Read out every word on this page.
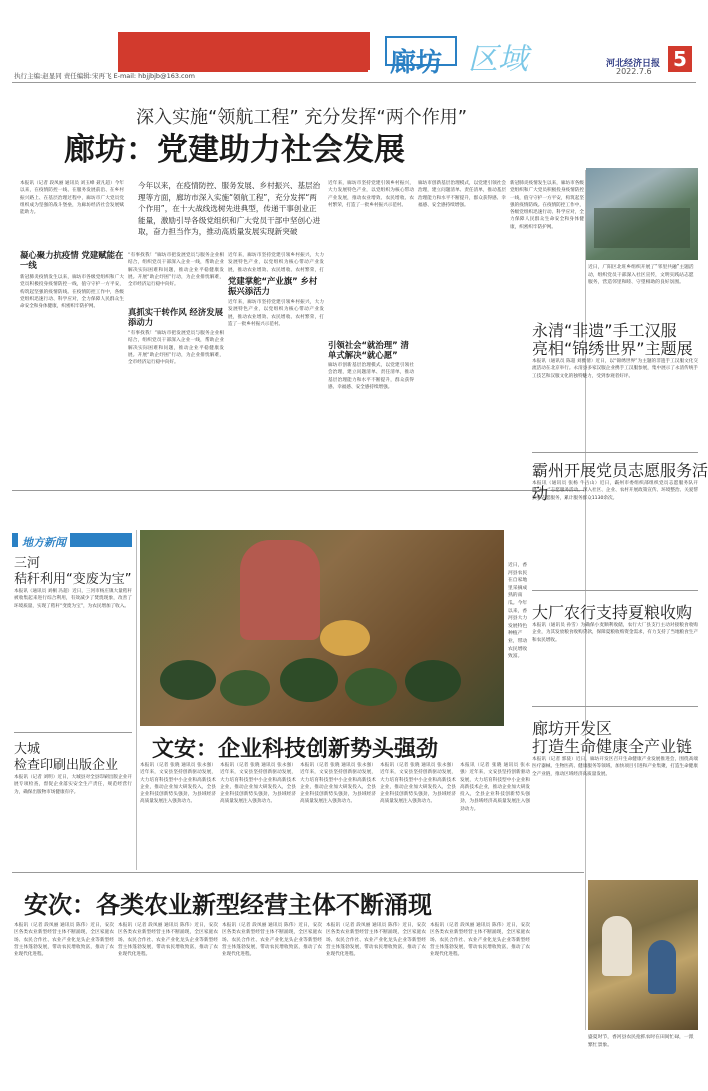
廊坊 区域	河北经济日报
2022.7.6
5
执行主编:赵显同 责任编辑:宋再飞 E-mail: hbjjbjb@163.com
深入实施“领航工程” 充分发挥“两个作用”
廊坊：党建助力社会发展
本报讯（记者 段凤丽 通讯员 刘玉峰 聂凡超）今年以来，在疫情防控一线、在服务发展前沿、在乡村振兴路上、在基层治理过程中，廊坊市广大党员党组织成为坚强的战斗堡垒，为廊坊经济社会发展赋能助力。
今年以来，在疫情防控、服务发展、乡村振兴、基层治理等方面，廊坊市深入实施“领航工程”，充分发挥“两个作用”，在十大战线选树先进典型，传递干事创业正能量，激励引导各级党组织和广大党员干部中坚创心进取，奋力担当作为，推动高质量发展实现新突破
凝心聚力抗疫情 党建赋能在一线
新冠肺炎疫情发生以来，廊坊市各级党组织和广大党员积极投身疫情防控一线，值守守护一方平安，构筑起坚强的疫情防线。在疫情防控工作中，各级党组织迅速行动、科学应对，全力保障人民群众生命安全和身体健康，织密织牢防护网。
“有事找我！”廊坊市把发展党员与服务企业相结合，组织党员干部深入企业一线，帮助企业解决实际困难和问题，推动企业平稳健康发展。开展“助企纾困”行动，为企业排忧解难，全市经济运行稳中向好。
真抓实干转作风 经济发展添动力
“有事找我！”廊坊市把发展党员与服务企业相结合，组织党员干部深入企业一线，帮助企业解决实际困难和问题，推动企业平稳健康发展。开展“助企纾困”行动，为企业排忧解难，全市经济运行稳中向好。
近年来，廊坊市坚持党建引领乡村振兴，大力发展特色产业，以党组织为核心带动产业发展，推动农业增效、农民增收、农村繁荣，打
党建掌舵“产业旗” 乡村振兴添活力
近年来，廊坊市坚持党建引领乡村振兴，大力发展特色产业，以党组织为核心带动产业发展，推动农业增效、农民增收、农村繁荣，打造了一批乡村振兴示范村。
近年来，廊坊市坚持党建引领乡村振兴，大力发展特色产业，以党组织为核心带动产业发展，推动农业增效、农民增收、农村繁荣，打造了一批乡村振兴示范村。
引领社会“就治理” 清单式解决“就心愿”
廊坊市创新基层治理模式，以党建引领社会治理，建立问题清单、责任清单，推动基层治理能力和水平不断提升，群众获得感、幸福感、安全感持续增强。
廊坊市创新基层治理模式，以党建引领社会治理，建立问题清单、责任清单，推动基层治理能力和水平不断提升，群众获得感、幸福感、安全感持续增强。
新冠肺炎疫情发生以来，廊坊市各级党组织和广大党员积极投身疫情防控一线，值守守护一方平安，构筑起坚强的疫情防线。在疫情防控工作中，各级党组织迅速行动、科学应对，全力保障人民群众生命安全和身体健康，织密织牢防护网。
近日，广阳区北旺乡组织开展了“邻里共融”主题活动，组织党员干部深入社区宣传，文明实践站志愿服务，营造邻里和睦、守望相助的良好氛围。
永清“非遗”手工汉服
亮相“锦绣世界”主题展
本报讯（通讯员 陈超 刘雅倩）近日，以“锦绣世界”为主题的非遗手工汉服文化交流活动在北京举行。永清县多家汉服企业携手工汉服参展，集中展示了永清传统手工技艺和汉服文化的独特魅力，受到参观者好评。
霸州开展党员志愿服务活动
本报讯（通讯员 张杨 牛占山）近日，霸州市委组织部组织党员志愿服务队开展“七一”志愿服务活动，深入社区、企业、农村开展政策宣传、环境整治、关爱帮扶等志愿服务，累计服务群众1130余次。
大厂农行支持夏粮收购
本报讯（通讯员 孙雪）为确保小麦顺利收储，农行大厂县支行主动对接粮食收购企业，为其发放粮食收购贷款，保障夏粮收购资金需求，有力支持了当地粮食生产和农民增收。
廊坊开发区
打造生命健康全产业链
本报讯（记者 郭骁）近日，廊坊开发区召开生命健康产业发展推进会，围绕高端医疗器械、生物医药、健康服务等领域，加快项目引进和产业集聚，打造生命健康全产业链，推动区域经济高质量发展。
地方新闻
三河
秸秆利用“变废为宝”
本报讯（通讯员 刘桐 冯超）近日，三河市杨庄镇大量秸秆被收集起来进行综合利用，有效减少了焚烧现象，改善了环境质量，实现了秸秆“变废为宝”，为农民增加了收入。
大城
检查印刷出版企业
本报讯（记者 刘明）近日，大城县对全县印刷出版企业开展专项检查，督促企业落实安全生产责任，规范经营行为，确保出版物市场健康有序。
近日，香河县农民在自家地里采摘成熟的南瓜。今年以来，香河县大力发展特色种植产业，带动农民增收致富。
文安：企业科技创新势头强劲
本报讯（记者 张晓 通讯员 张永强）近年来，文安县坚持创新驱动发展，大力培育科技型中小企业和高新技术企业，推动企业加大研发投入，全县企业科技创新势头强劲，为县域经济高质量发展注入强劲动力。
本报讯（记者 张晓 通讯员 张永强）近年来，文安县坚持创新驱动发展，大力培育科技型中小企业和高新技术企业，推动企业加大研发投入，全县企业科技创新势头强劲，为县域经济高质量发展注入强劲动力。
本报讯（记者 张晓 通讯员 张永强）近年来，文安县坚持创新驱动发展，大力培育科技型中小企业和高新技术企业，推动企业加大研发投入，全县企业科技创新势头强劲，为县域经济高质量发展注入强劲动力。
本报讯（记者 张晓 通讯员 张永强）近年来，文安县坚持创新驱动发展，大力培育科技型中小企业和高新技术企业，推动企业加大研发投入，全县企业科技创新势头强劲，为县域经济高质量发展注入强劲动力。
本报讯（记者 张晓 通讯员 张永强）近年来，文安县坚持创新驱动发展，大力培育科技型中小企业和高新技术企业，推动企业加大研发投入，全县企业科技创新势头强劲，为县域经济高质量发展注入强劲动力。
安次：各类农业新型经营主体不断涌现
本报讯（记者 段凤丽 通讯员 陈伟）近日，安次区各类农业新型经营主体不断涌现，全区家庭农场、农民合作社、农业产业化龙头企业等新型经营主体蓬勃发展，带动农民增收致富，推动了农业现代化进程。
本报讯（记者 段凤丽 通讯员 陈伟）近日，安次区各类农业新型经营主体不断涌现，全区家庭农场、农民合作社、农业产业化龙头企业等新型经营主体蓬勃发展，带动农民增收致富，推动了农业现代化进程。
本报讯（记者 段凤丽 通讯员 陈伟）近日，安次区各类农业新型经营主体不断涌现，全区家庭农场、农民合作社、农业产业化龙头企业等新型经营主体蓬勃发展，带动农民增收致富，推动了农业现代化进程。
本报讯（记者 段凤丽 通讯员 陈伟）近日，安次区各类农业新型经营主体不断涌现，全区家庭农场、农民合作社、农业产业化龙头企业等新型经营主体蓬勃发展，带动农民增收致富，推动了农业现代化进程。
本报讯（记者 段凤丽 通讯员 陈伟）近日，安次区各类农业新型经营主体不断涌现，全区家庭农场、农民合作社、农业产业化龙头企业等新型经营主体蓬勃发展，带动农民增收致富，推动了农业现代化进程。
盛夏时节，香河县农民抢抓农时在田间忙碌，一派繁忙景象。
